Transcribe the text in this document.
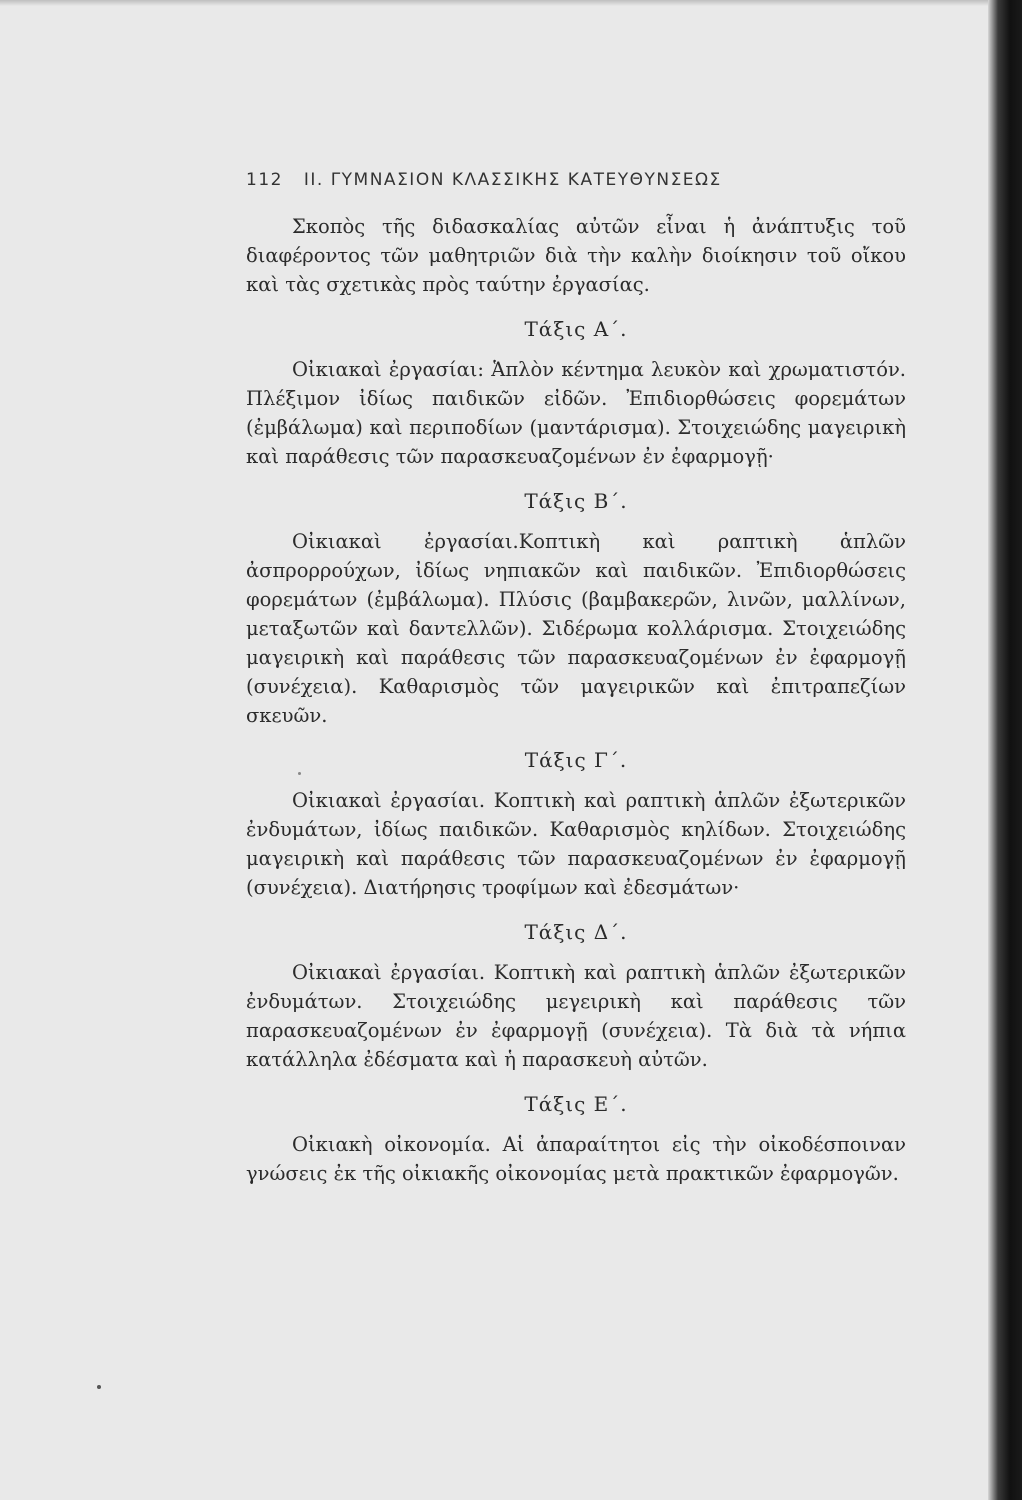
112 II. ΓΥΜΝΑΣΙΟΝ ΚΛΑΣΣΙΚΗΣ ΚΑΤΕΥΘΥΝΣΕΩΣ

Σκοπὸς τῆς διδασκαλίας αὐτῶν εἶναι ἡ ἀνάπτυξις τοῦ διαφέροντος τῶν μαθητριῶν διὰ τὴν καλὴν διοίκησιν τοῦ οἴκου καὶ τὰς σχετικὰς πρὸς ταύτην ἐργασίας.

Τάξις Α΄.

Οἰκιακαὶ ἐργασίαι: Ἁπλὸν κέντημα λευκὸν καὶ χρωματιστόν. Πλέξιμον ἰδίως παιδικῶν εἰδῶν. Ἐπιδιορθώσεις φορεμάτων (ἐμβάλωμα) καὶ περιποδίων (μαντάρισμα). Στοιχειώδης μαγειρικὴ καὶ παράθεσις τῶν παρασκευαζομένων ἐν ἐφαρμογῇ·

Τάξις Β΄.

Οἰκιακαὶ ἐργασίαι.Κοπτικὴ καὶ ραπτικὴ ἁπλῶν ἀσπρορρούχων, ἰδίως νηπιακῶν καὶ παιδικῶν. Ἐπιδιορθώσεις φορεμάτων (ἐμβάλωμα). Πλύσις (βαμβακερῶν, λινῶν, μαλλίνων, μεταξωτῶν καὶ δαντελλῶν). Σιδέρωμα κολλάρισμα. Στοιχειώδης μαγειρικὴ καὶ παράθεσις τῶν παρασκευαζομένων ἐν ἐφαρμογῇ (συνέχεια). Καθαρισμὸς τῶν μαγειρικῶν καὶ ἐπιτραπεζίων σκευῶν.

Τάξις Γ΄.

Οἰκιακαὶ ἐργασίαι. Κοπτικὴ καὶ ραπτικὴ ἁπλῶν ἐξωτερικῶν ἐνδυμάτων, ἰδίως παιδικῶν. Καθαρισμὸς κηλίδων. Στοιχειώδης μαγειρικὴ καὶ παράθεσις τῶν παρασκευαζομένων ἐν ἐφαρμογῇ (συνέχεια). Διατήρησις τροφίμων καὶ ἐδεσμάτων·

Τάξις Δ΄.

Οἰκιακαὶ ἐργασίαι. Κοπτικὴ καὶ ραπτικὴ ἁπλῶν ἐξωτερικῶν ἐνδυμάτων. Στοιχειώδης μεγειρικὴ καὶ παράθεσις τῶν παρασκευαζομένων ἐν ἐφαρμογῇ (συνέχεια). Τὰ διὰ τὰ νήπια κατάλληλα ἐδέσματα καὶ ἡ παρασκευὴ αὐτῶν.

Τάξις Ε΄.

Οἰκιακὴ οἰκονομία. Αἱ ἀπαραίτητοι εἰς τὴν οἰκοδέσποιναν γνώσεις ἐκ τῆς οἰκιακῆς οἰκονομίας μετὰ πρακτικῶν ἐφαρμογῶν.
